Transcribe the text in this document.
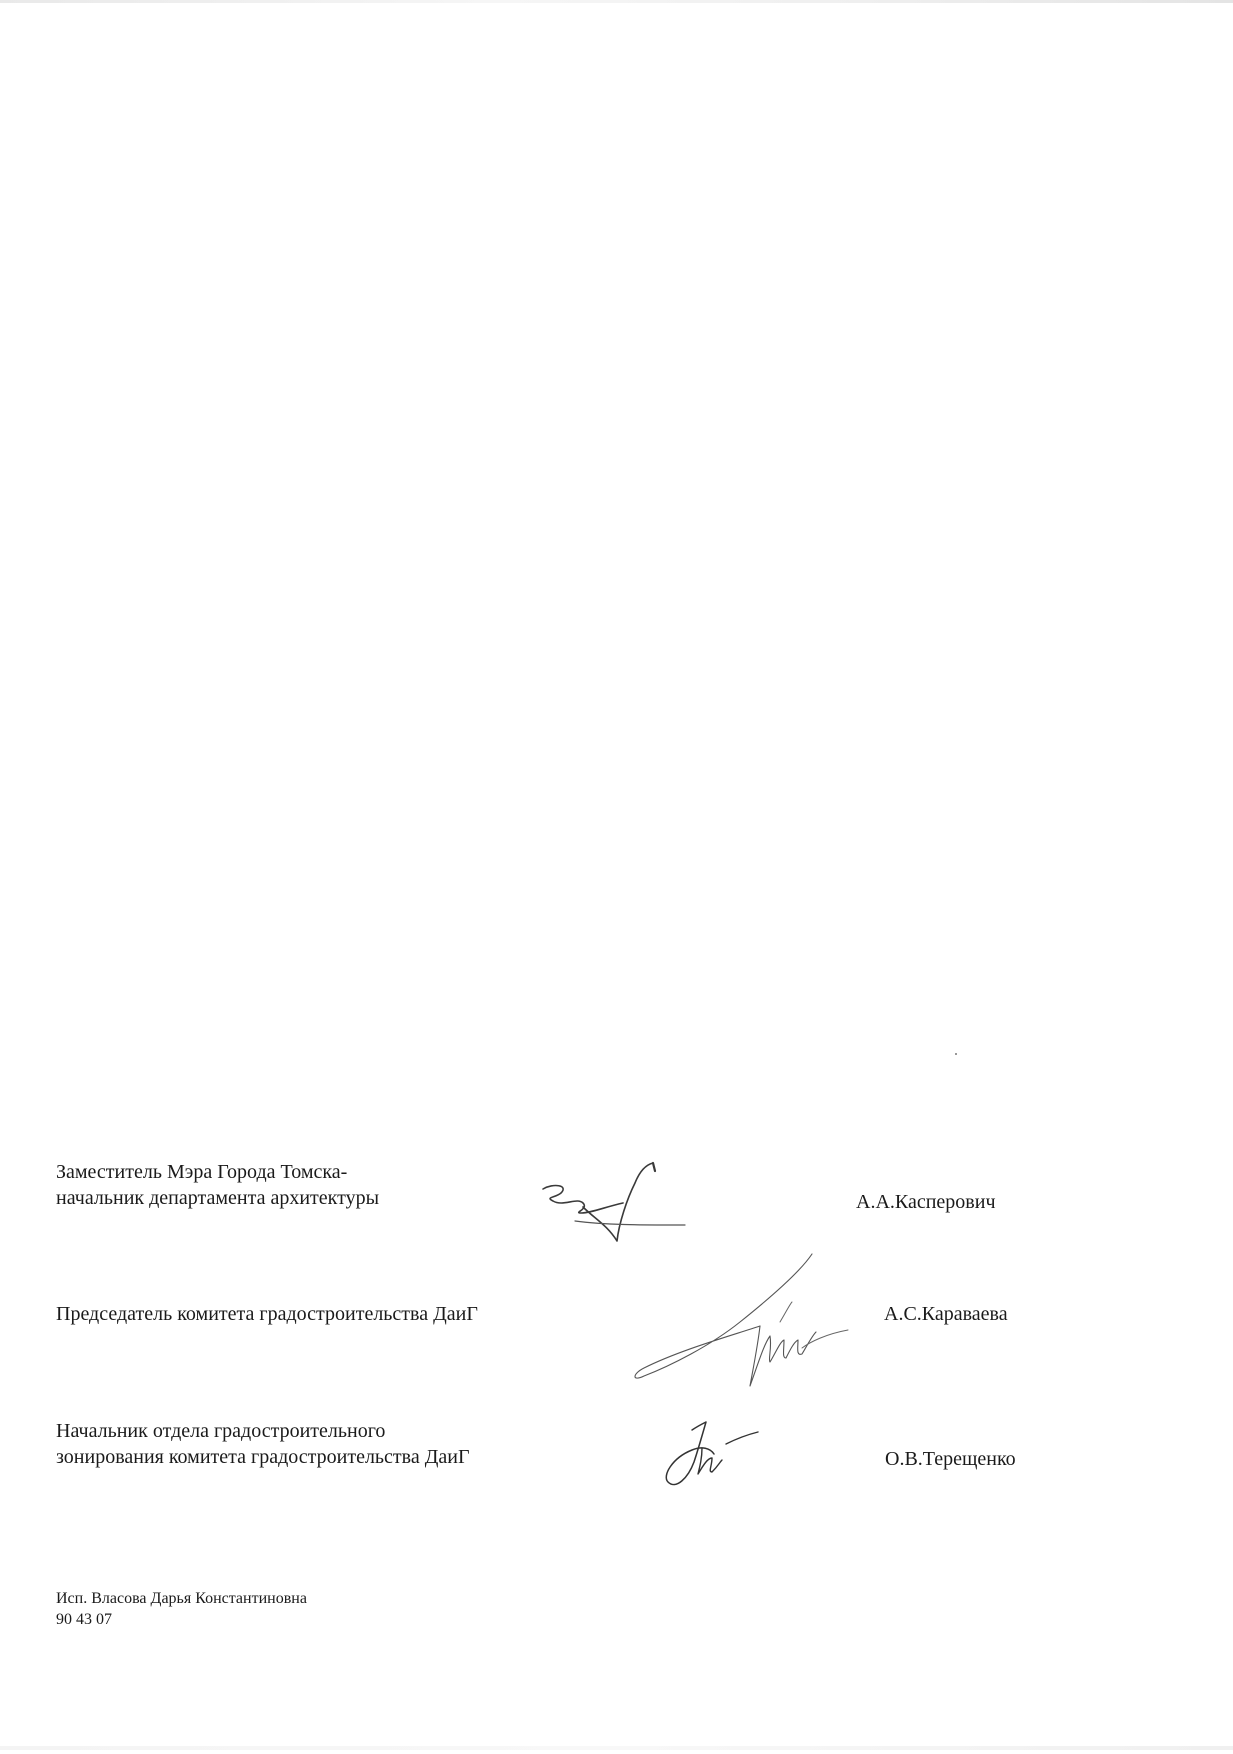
Заместитель Мэра Города Томска-
начальник департамента архитектуры	А.А.Касперович
Председатель комитета градостроительства ДаиГ	А.С.Караваева
Начальник отдела градостроительного
зонирования комитета градостроительства ДаиГ	О.В.Терещенко
Исп. Власова Дарья Константиновна
90 43 07
